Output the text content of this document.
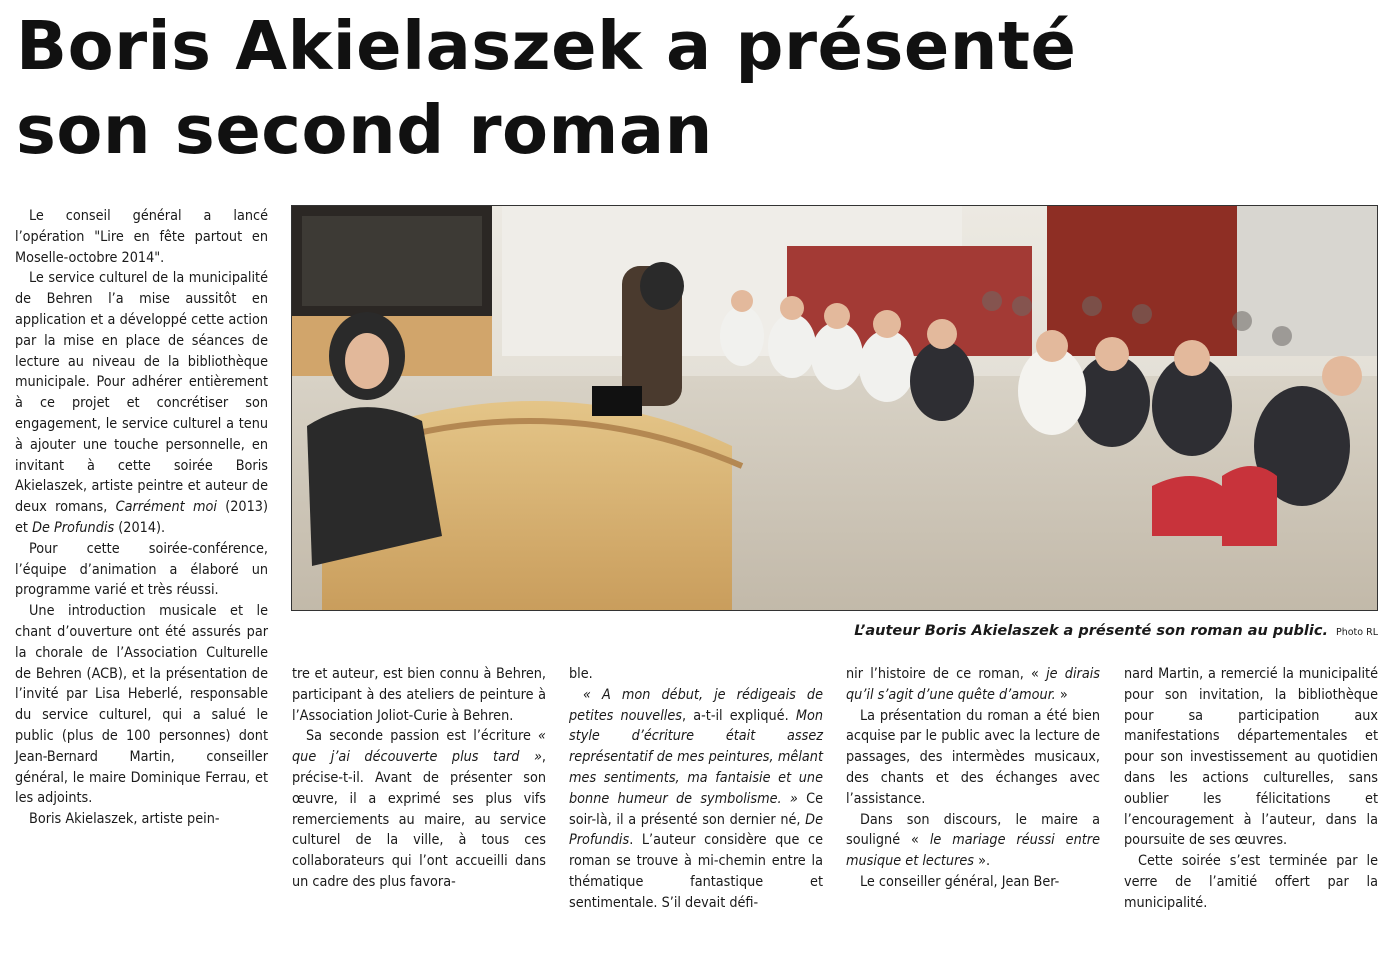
Boris Akielaszek a présenté
son second roman

Le conseil général a lancé l’opération "Lire en fête partout en Moselle-octobre 2014".

Le service culturel de la municipalité de Behren l’a mise aussitôt en application et a développé cette action par la mise en place de séances de lecture au niveau de la bibliothèque municipale. Pour adhérer entièrement à ce projet et concrétiser son engagement, le service culturel a tenu à ajouter une touche personnelle, en invitant à cette soirée Boris Akielaszek, artiste peintre et auteur de deux romans, Carrément moi (2013) et De Profundis (2014).

Pour cette soirée-conférence, l’équipe d’animation a élaboré un programme varié et très réussi.

Une introduction musicale et le chant d’ouverture ont été assurés par la chorale de l’Association Culturelle de Behren (ACB), et la présentation de l’invité par Lisa Heberlé, responsable du service culturel, qui a salué le public (plus de 100 personnes) dont Jean-Bernard Martin, conseiller général, le maire Dominique Ferrau, et les adjoints.

Boris Akielaszek, artiste pein-

L’auteur Boris Akielaszek a présenté son roman au public. Photo RL

tre et auteur, est bien connu à Behren, participant à des ateliers de peinture à l’Association Joliot-Curie à Behren.

Sa seconde passion est l’écriture « que j’ai découverte plus tard », précise-t-il. Avant de présenter son œuvre, il a exprimé ses plus vifs remerciements au maire, au service culturel de la ville, à tous ces collaborateurs qui l’ont accueilli dans un cadre des plus favora-

ble.

« A mon début, je rédigeais de petites nouvelles, a-t-il expliqué. Mon style d’écriture était assez représentatif de mes peintures, mêlant mes sentiments, ma fantaisie et une bonne humeur de symbolisme. » Ce soir-là, il a présenté son dernier né, De Profundis. L’auteur considère que ce roman se trouve à mi-chemin entre la thématique fantastique et sentimentale. S’il devait défi-

nir l’histoire de ce roman, « je dirais qu’il s’agit d’une quête d’amour. »

La présentation du roman a été bien acquise par le public avec la lecture de passages, des intermèdes musicaux, des chants et des échanges avec l’assistance.

Dans son discours, le maire a souligné « le mariage réussi entre musique et lectures ».

Le conseiller général, Jean Ber-

nard Martin, a remercié la municipalité pour son invitation, la bibliothèque pour sa participation aux manifestations départementales et pour son investissement au quotidien dans les actions culturelles, sans oublier les félicitations et l’encouragement à l’auteur, dans la poursuite de ses œuvres.

Cette soirée s’est terminée par le verre de l’amitié offert par la municipalité.
